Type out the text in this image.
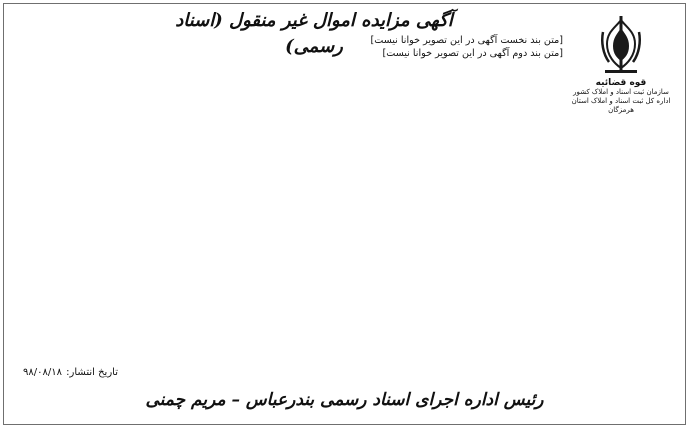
آگهی مزایده اموال غیر منقول (اسناد رسمی)
قوه قضائیه
سازمان ثبت اسناد و املاک کشور
اداره کل ثبت اسناد و املاک استان هرمزگان
[متن بند نخست آگهی در این تصویر خوانا نیست]
[متن بند دوم آگهی در این تصویر خوانا نیست]
تاریخ انتشار: ۹۸/۰۸/۱۸
رئیس اداره اجرای اسناد رسمی بندرعباس – مریم چمنی
